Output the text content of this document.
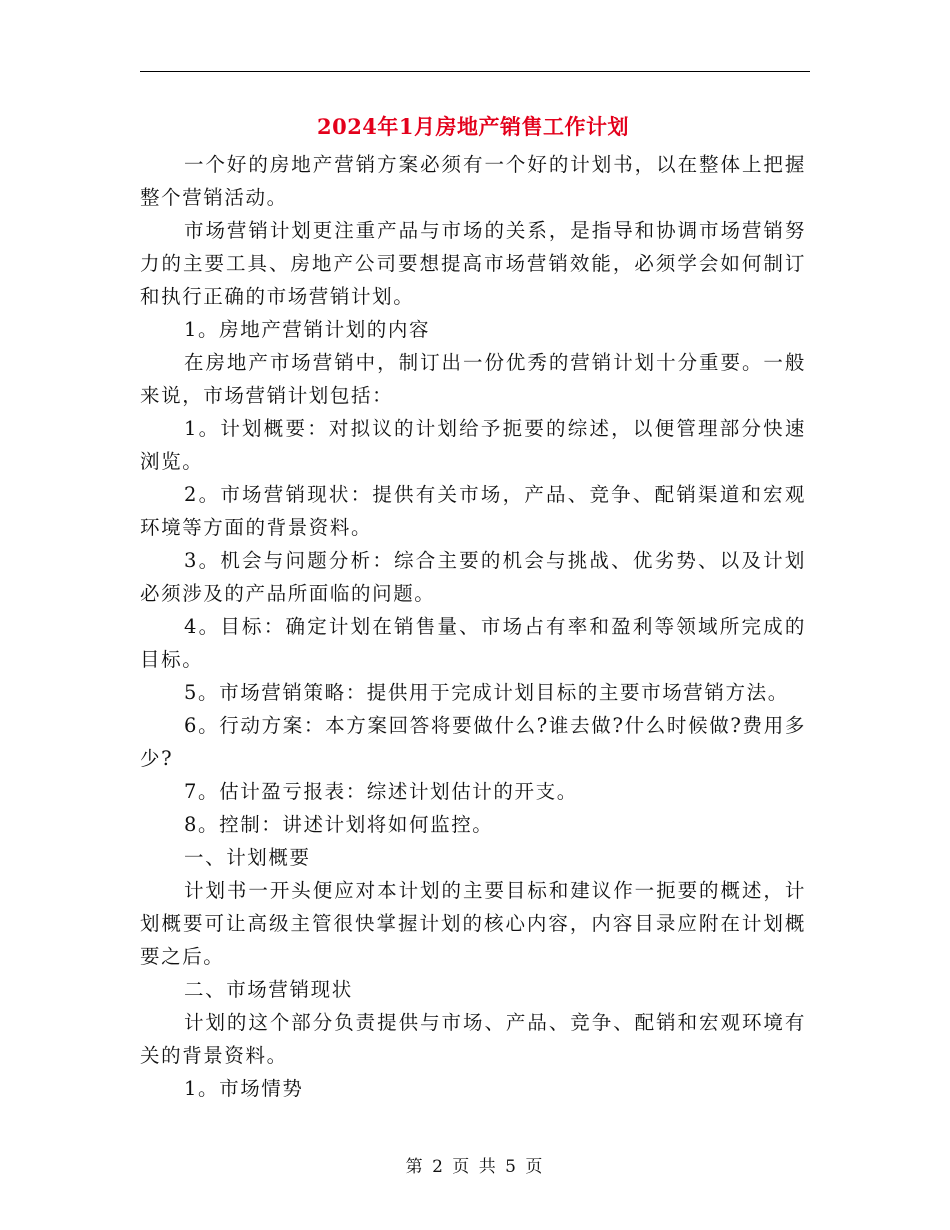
2024年1月房地产销售工作计划

一个好的房地产营销方案必须有一个好的计划书，以在整体上把握整个营销活动。

市场营销计划更注重产品与市场的关系，是指导和协调市场营销努力的主要工具、房地产公司要想提高市场营销效能，必须学会如何制订和执行正确的市场营销计划。

1。房地产营销计划的内容

在房地产市场营销中，制订出一份优秀的营销计划十分重要。一般来说，市场营销计划包括：

1。计划概要：对拟议的计划给予扼要的综述，以便管理部分快速浏览。

2。市场营销现状：提供有关市场，产品、竞争、配销渠道和宏观环境等方面的背景资料。

3。机会与问题分析：综合主要的机会与挑战、优劣势、以及计划必须涉及的产品所面临的问题。

4。目标：确定计划在销售量、市场占有率和盈利等领域所完成的目标。

5。市场营销策略：提供用于完成计划目标的主要市场营销方法。

6。行动方案：本方案回答将要做什么?谁去做?什么时候做?费用多少?

7。估计盈亏报表：综述计划估计的开支。

8。控制：讲述计划将如何监控。

一、计划概要

计划书一开头便应对本计划的主要目标和建议作一扼要的概述，计划概要可让高级主管很快掌握计划的核心内容，内容目录应附在计划概要之后。

二、市场营销现状

计划的这个部分负责提供与市场、产品、竞争、配销和宏观环境有关的背景资料。

1。市场情势

第 2 页 共 5 页
